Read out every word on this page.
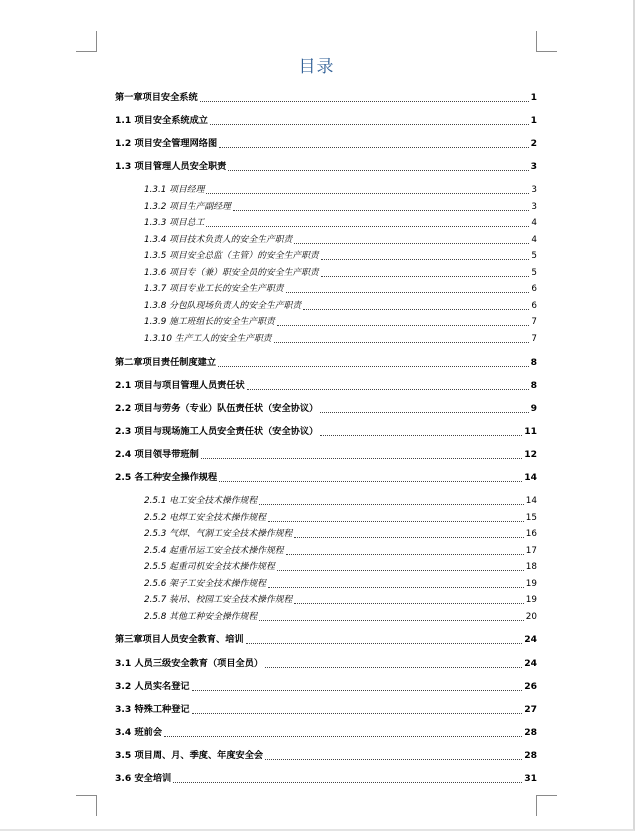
目录
第一章项目安全系统	1
1.1 项目安全系统成立	1
1.2 项目安全管理网络图	2
1.3 项目管理人员安全职责	3
1.3.1 项目经理	3
1.3.2 项目生产副经理	3
1.3.3 项目总工	4
1.3.4 项目技术负责人的安全生产职责	4
1.3.5 项目安全总监（主管）的安全生产职责	5
1.3.6 项目专（兼）职安全员的安全生产职责	5
1.3.7 项目专业工长的安全生产职责	6
1.3.8 分包队现场负责人的安全生产职责	6
1.3.9 施工班组长的安全生产职责	7
1.3.10 生产工人的安全生产职责	7
第二章项目责任制度建立	8
2.1 项目与项目管理人员责任状	8
2.2 项目与劳务（专业）队伍责任状（安全协议）	9
2.3 项目与现场施工人员安全责任状（安全协议）	11
2.4 项目领导带班制	12
2.5 各工种安全操作规程	14
2.5.1 电工安全技术操作规程	14
2.5.2 电焊工安全技术操作规程	15
2.5.3 气焊、气割工安全技术操作规程	16
2.5.4 起重吊运工安全技术操作规程	17
2.5.5 起重司机安全技术操作规程	18
2.5.6 架子工安全技术操作规程	19
2.5.7 装吊、校园工安全技术操作规程	19
2.5.8 其他工种安全操作规程	20
第三章项目人员安全教育、培训	24
3.1 人员三级安全教育（项目全员）	24
3.2 人员实名登记	26
3.3 特殊工种登记	27
3.4 班前会	28
3.5 项目周、月、季度、年度安全会	28
3.6 安全培训	31
